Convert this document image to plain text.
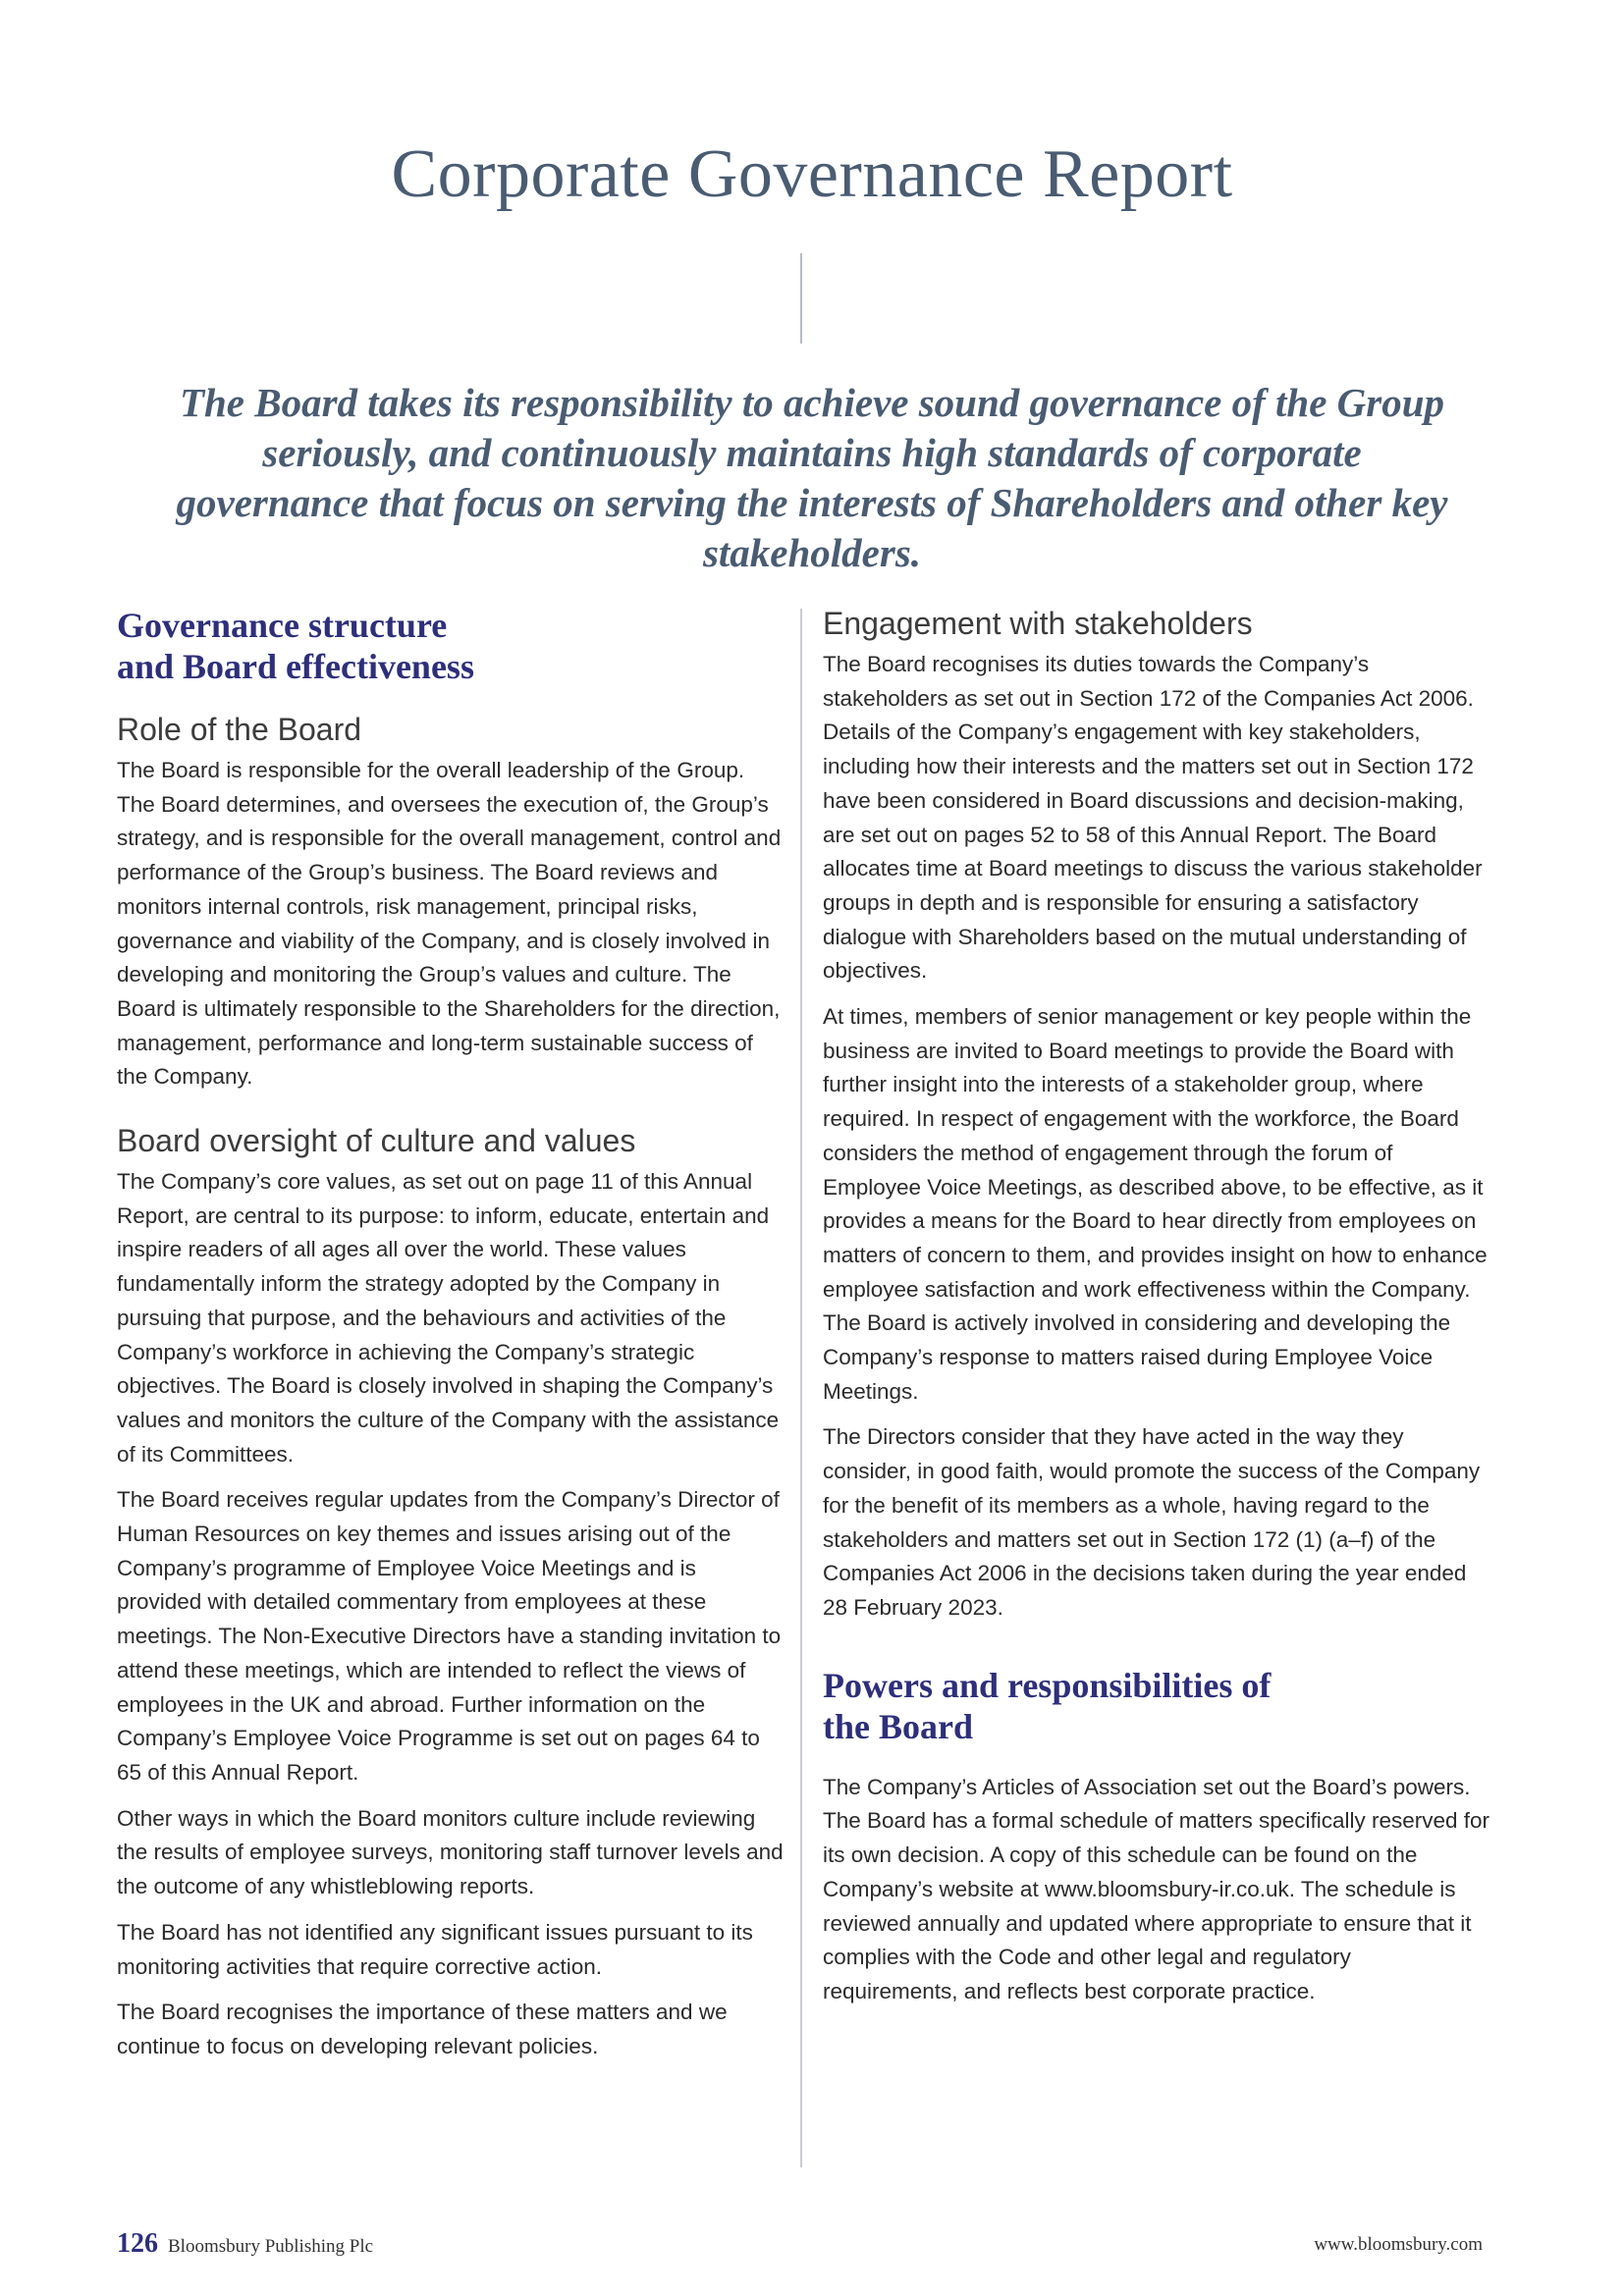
Corporate Governance Report

The Board takes its responsibility to achieve sound governance of the Group seriously, and continuously maintains high standards of corporate governance that focus on serving the interests of Shareholders and other key stakeholders.

Governance structure
and Board effectiveness
Role of the Board

The Board is responsible for the overall leadership of the Group. The Board determines, and oversees the execution of, the Group’s strategy, and is responsible for the overall management, control and performance of the Group’s business. The Board reviews and monitors internal controls, risk management, principal risks, governance and viability of the Company, and is closely involved in developing and monitoring the Group’s values and culture. The Board is ultimately responsible to the Shareholders for the direction, management, performance and long-term sustainable success of the Company.

Board oversight of culture and values

The Company’s core values, as set out on page 11 of this Annual Report, are central to its purpose: to inform, educate, entertain and inspire readers of all ages all over the world. These values fundamentally inform the strategy adopted by the Company in pursuing that purpose, and the behaviours and activities of the Company’s workforce in achieving the Company’s strategic objectives. The Board is closely involved in shaping the Company’s values and monitors the culture of the Company with the assistance of its Committees.

The Board receives regular updates from the Company’s Director of Human Resources on key themes and issues arising out of the Company’s programme of Employee Voice Meetings and is provided with detailed commentary from employees at these meetings. The Non-Executive Directors have a standing invitation to attend these meetings, which are intended to reflect the views of employees in the UK and abroad. Further information on the Company’s Employee Voice Programme is set out on pages 64 to 65 of this Annual Report.

Other ways in which the Board monitors culture include reviewing the results of employee surveys, monitoring staff turnover levels and the outcome of any whistleblowing reports.

The Board has not identified any significant issues pursuant to its monitoring activities that require corrective action.

The Board recognises the importance of these matters and we continue to focus on developing relevant policies.

Engagement with stakeholders

The Board recognises its duties towards the Company’s stakeholders as set out in Section 172 of the Companies Act 2006. Details of the Company’s engagement with key stakeholders, including how their interests and the matters set out in Section 172 have been considered in Board discussions and decision-making, are set out on pages 52 to 58 of this Annual Report. The Board allocates time at Board meetings to discuss the various stakeholder groups in depth and is responsible for ensuring a satisfactory dialogue with Shareholders based on the mutual understanding of objectives.

At times, members of senior management or key people within the business are invited to Board meetings to provide the Board with further insight into the interests of a stakeholder group, where required. In respect of engagement with the workforce, the Board considers the method of engagement through the forum of Employee Voice Meetings, as described above, to be effective, as it provides a means for the Board to hear directly from employees on matters of concern to them, and provides insight on how to enhance employee satisfaction and work effectiveness within the Company. The Board is actively involved in considering and developing the Company’s response to matters raised during Employee Voice Meetings.

The Directors consider that they have acted in the way they consider, in good faith, would promote the success of the Company for the benefit of its members as a whole, having regard to the stakeholders and matters set out in Section 172 (1) (a–f) of the Companies Act 2006 in the decisions taken during the year ended 28 February 2023.

Powers and responsibilities of
the Board

The Company’s Articles of Association set out the Board’s powers. The Board has a formal schedule of matters specifically reserved for its own decision. A copy of this schedule can be found on the Company’s website at www.bloomsbury-ir.co.uk. The schedule is reviewed annually and updated where appropriate to ensure that it complies with the Code and other legal and regulatory requirements, and reflects best corporate practice.

126 Bloomsbury Publishing Plc	www.bloomsbury.com
